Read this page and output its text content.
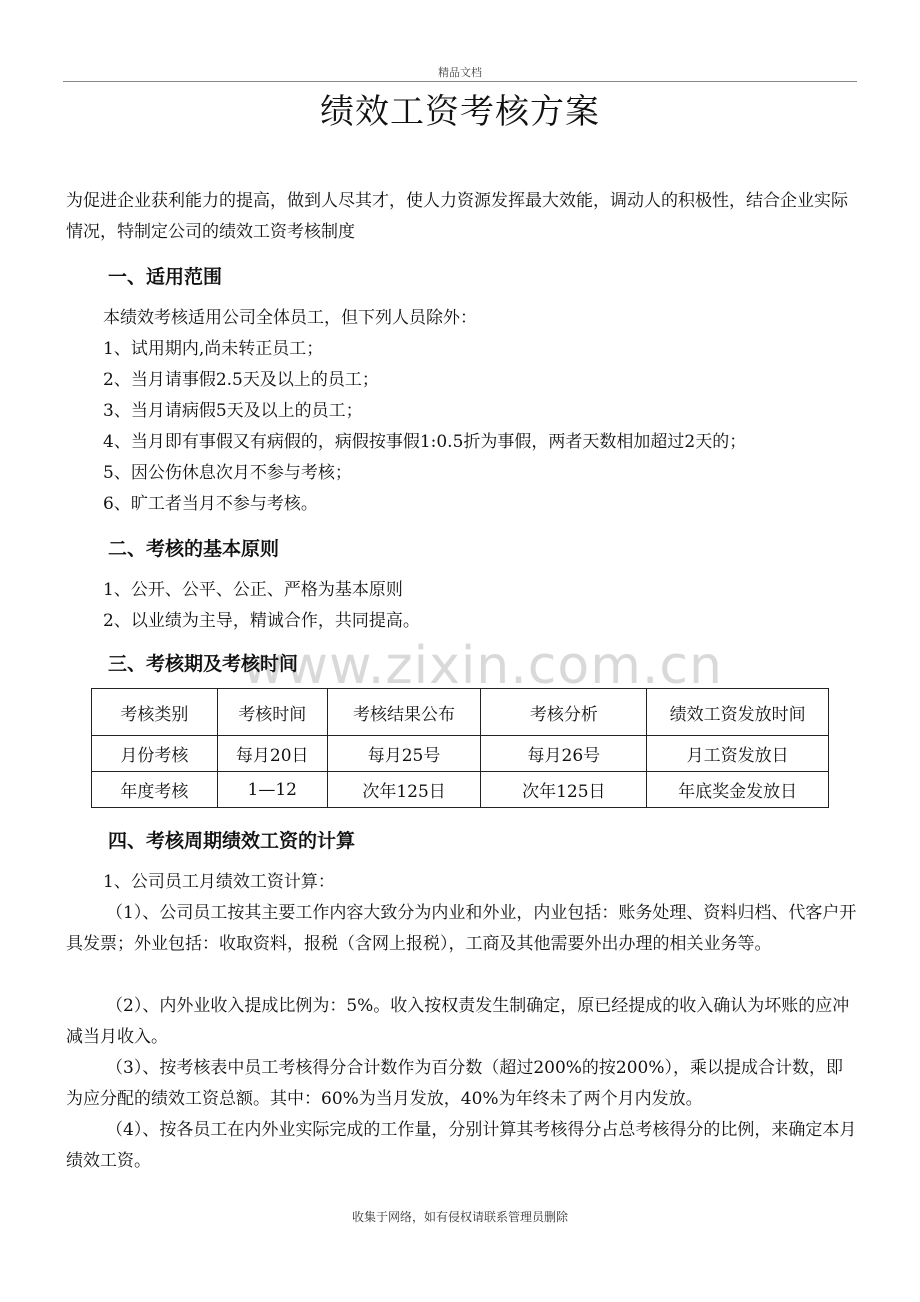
精品文档
绩效工资考核方案
为促进企业获利能力的提高，做到人尽其才，使人力资源发挥最大效能，调动人的积极性，结合企业实际情况，特制定公司的绩效工资考核制度
一、适用范围
本绩效考核适用公司全体员工，但下列人员除外：
1、试用期内,尚未转正员工；
2、当月请事假2.5天及以上的员工；
3、当月请病假5天及以上的员工；
4、当月即有事假又有病假的，病假按事假1:0.5折为事假，两者天数相加超过2天的；
5、因公伤休息次月不参与考核；
6、旷工者当月不参与考核。
二、考核的基本原则
1、公开、公平、公正、严格为基本原则
2、以业绩为主导，精诚合作，共同提高。
www.zixin.com.cn
三、考核期及考核时间
考核类别	考核时间	考核结果公布	考核分析	绩效工资发放时间
月份考核	每月20日	每月25号	每月26号	月工资发放日
年度考核	1—12	次年125日	次年125日	年底奖金发放日
四、考核周期绩效工资的计算
1、公司员工月绩效工资计算：
（1）、公司员工按其主要工作内容大致分为内业和外业，内业包括：账务处理、资料归档、代客户开具发票；外业包括：收取资料，报税（含网上报税），工商及其他需要外出办理的相关业务等。
（2）、内外业收入提成比例为：5%。收入按权责发生制确定，原已经提成的收入确认为坏账的应冲减当月收入。
（3）、按考核表中员工考核得分合计数作为百分数（超过200%的按200%），乘以提成合计数，即为应分配的绩效工资总额。其中：60%为当月发放，40%为年终未了两个月内发放。
（4）、按各员工在内外业实际完成的工作量，分别计算其考核得分占总考核得分的比例，来确定本月绩效工资。
收集于网络，如有侵权请联系管理员删除
